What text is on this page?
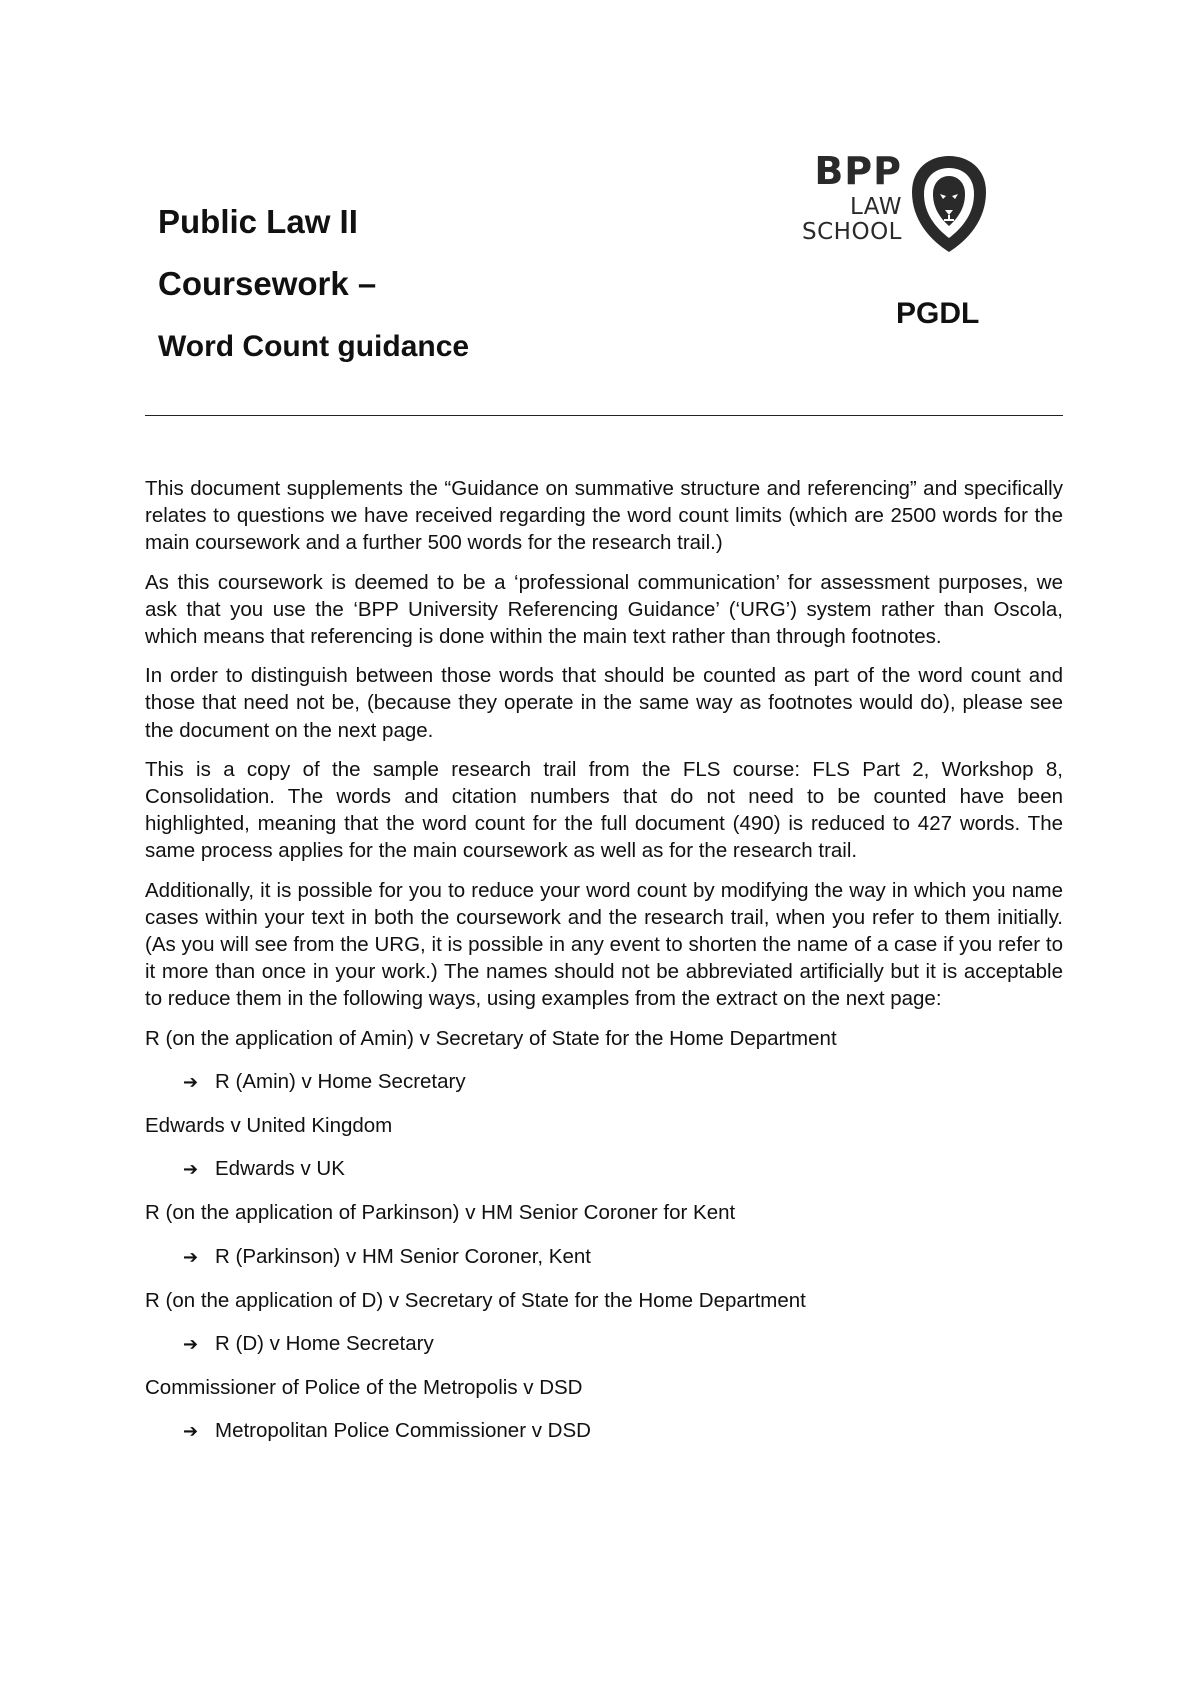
Public Law II

Coursework –

Word Count guidance

BPP
LAW
SCHOOL
PGDL

This document supplements the “Guidance on summative structure and referencing” and specifically relates to questions we have received regarding the word count limits (which are 2500 words for the main coursework and a further 500 words for the research trail.)

As this coursework is deemed to be a ‘professional communication’ for assessment purposes, we ask that you use the ‘BPP University Referencing Guidance’ (‘URG’) system rather than Oscola, which means that referencing is done within the main text rather than through footnotes.

In order to distinguish between those words that should be counted as part of the word count and those that need not be, (because they operate in the same way as footnotes would do), please see the document on the next page.

This is a copy of the sample research trail from the FLS course: FLS Part 2, Workshop 8, Consolidation. The words and citation numbers that do not need to be counted have been highlighted, meaning that the word count for the full document (490) is reduced to 427 words. The same process applies for the main coursework as well as for the research trail.

Additionally, it is possible for you to reduce your word count by modifying the way in which you name cases within your text in both the coursework and the research trail, when you refer to them initially. (As you will see from the URG, it is possible in any event to shorten the name of a case if you refer to it more than once in your work.) The names should not be abbreviated artificially but it is acceptable to reduce them in the following ways, using examples from the extract on the next page:

R (on the application of Amin) v Secretary of State for the Home Department

➔ R (Amin) v Home Secretary

Edwards v United Kingdom

➔ Edwards v UK

R (on the application of Parkinson) v HM Senior Coroner for Kent

➔ R (Parkinson) v HM Senior Coroner, Kent

R (on the application of D) v Secretary of State for the Home Department

➔ R (D) v Home Secretary

Commissioner of Police of the Metropolis v DSD

➔ Metropolitan Police Commissioner v DSD
